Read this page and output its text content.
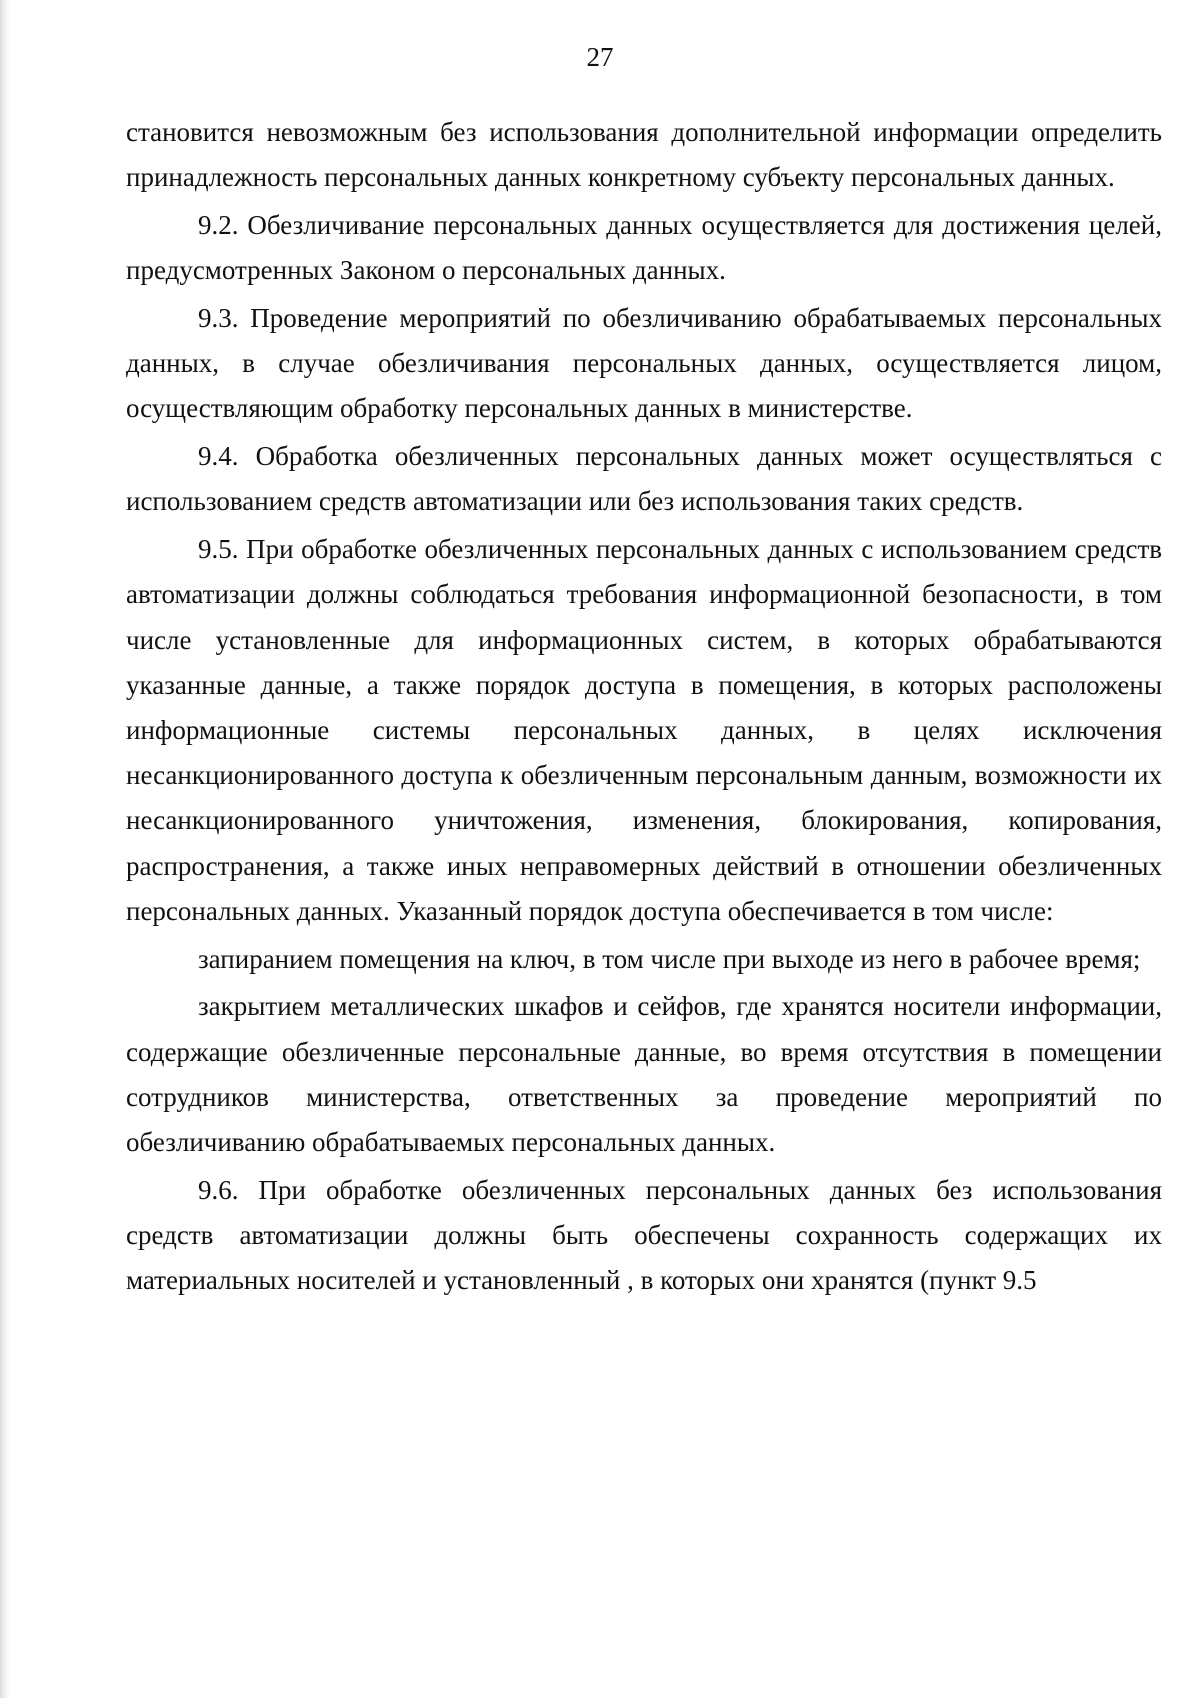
27

становится невозможным без использования дополнительной информации определить принадлежность персональных данных конкретному субъекту персональных данных.

9.2. Обезличивание персональных данных осуществляется для достижения целей, предусмотренных Законом о персональных данных.

9.3. Проведение мероприятий по обезличиванию обрабатываемых персональных данных, в случае обезличивания персональных данных, осуществляется лицом, осуществляющим обработку персональных данных в министерстве.

9.4. Обработка обезличенных персональных данных может осуществляться с использованием средств автоматизации или без использования таких средств.

9.5. При обработке обезличенных персональных данных с использованием средств автоматизации должны соблюдаться требования информационной безопасности, в том числе установленные для информационных систем, в которых обрабатываются указанные данные, а также порядок доступа в помещения, в которых расположены информационные системы персональных данных, в целях исключения несанкционированного доступа к обезличенным персональным данным, возможности их несанкционированного уничтожения, изменения, блокирования, копирования, распространения, а также иных неправомерных действий в отношении обезличенных персональных данных. Указанный порядок доступа обеспечивается в том числе:

запиранием помещения на ключ, в том числе при выходе из него в рабочее время;

закрытием металлических шкафов и сейфов, где хранятся носители информации, содержащие обезличенные персональные данные, во время отсутствия в помещении сотрудников министерства, ответственных за проведение мероприятий по обезличиванию обрабатываемых персональных данных.

9.6. При обработке обезличенных персональных данных без использования средств автоматизации должны быть обеспечены сохранность содержащих их материальных носителей и установленный , в которых они хранятся (пункт 9.5
